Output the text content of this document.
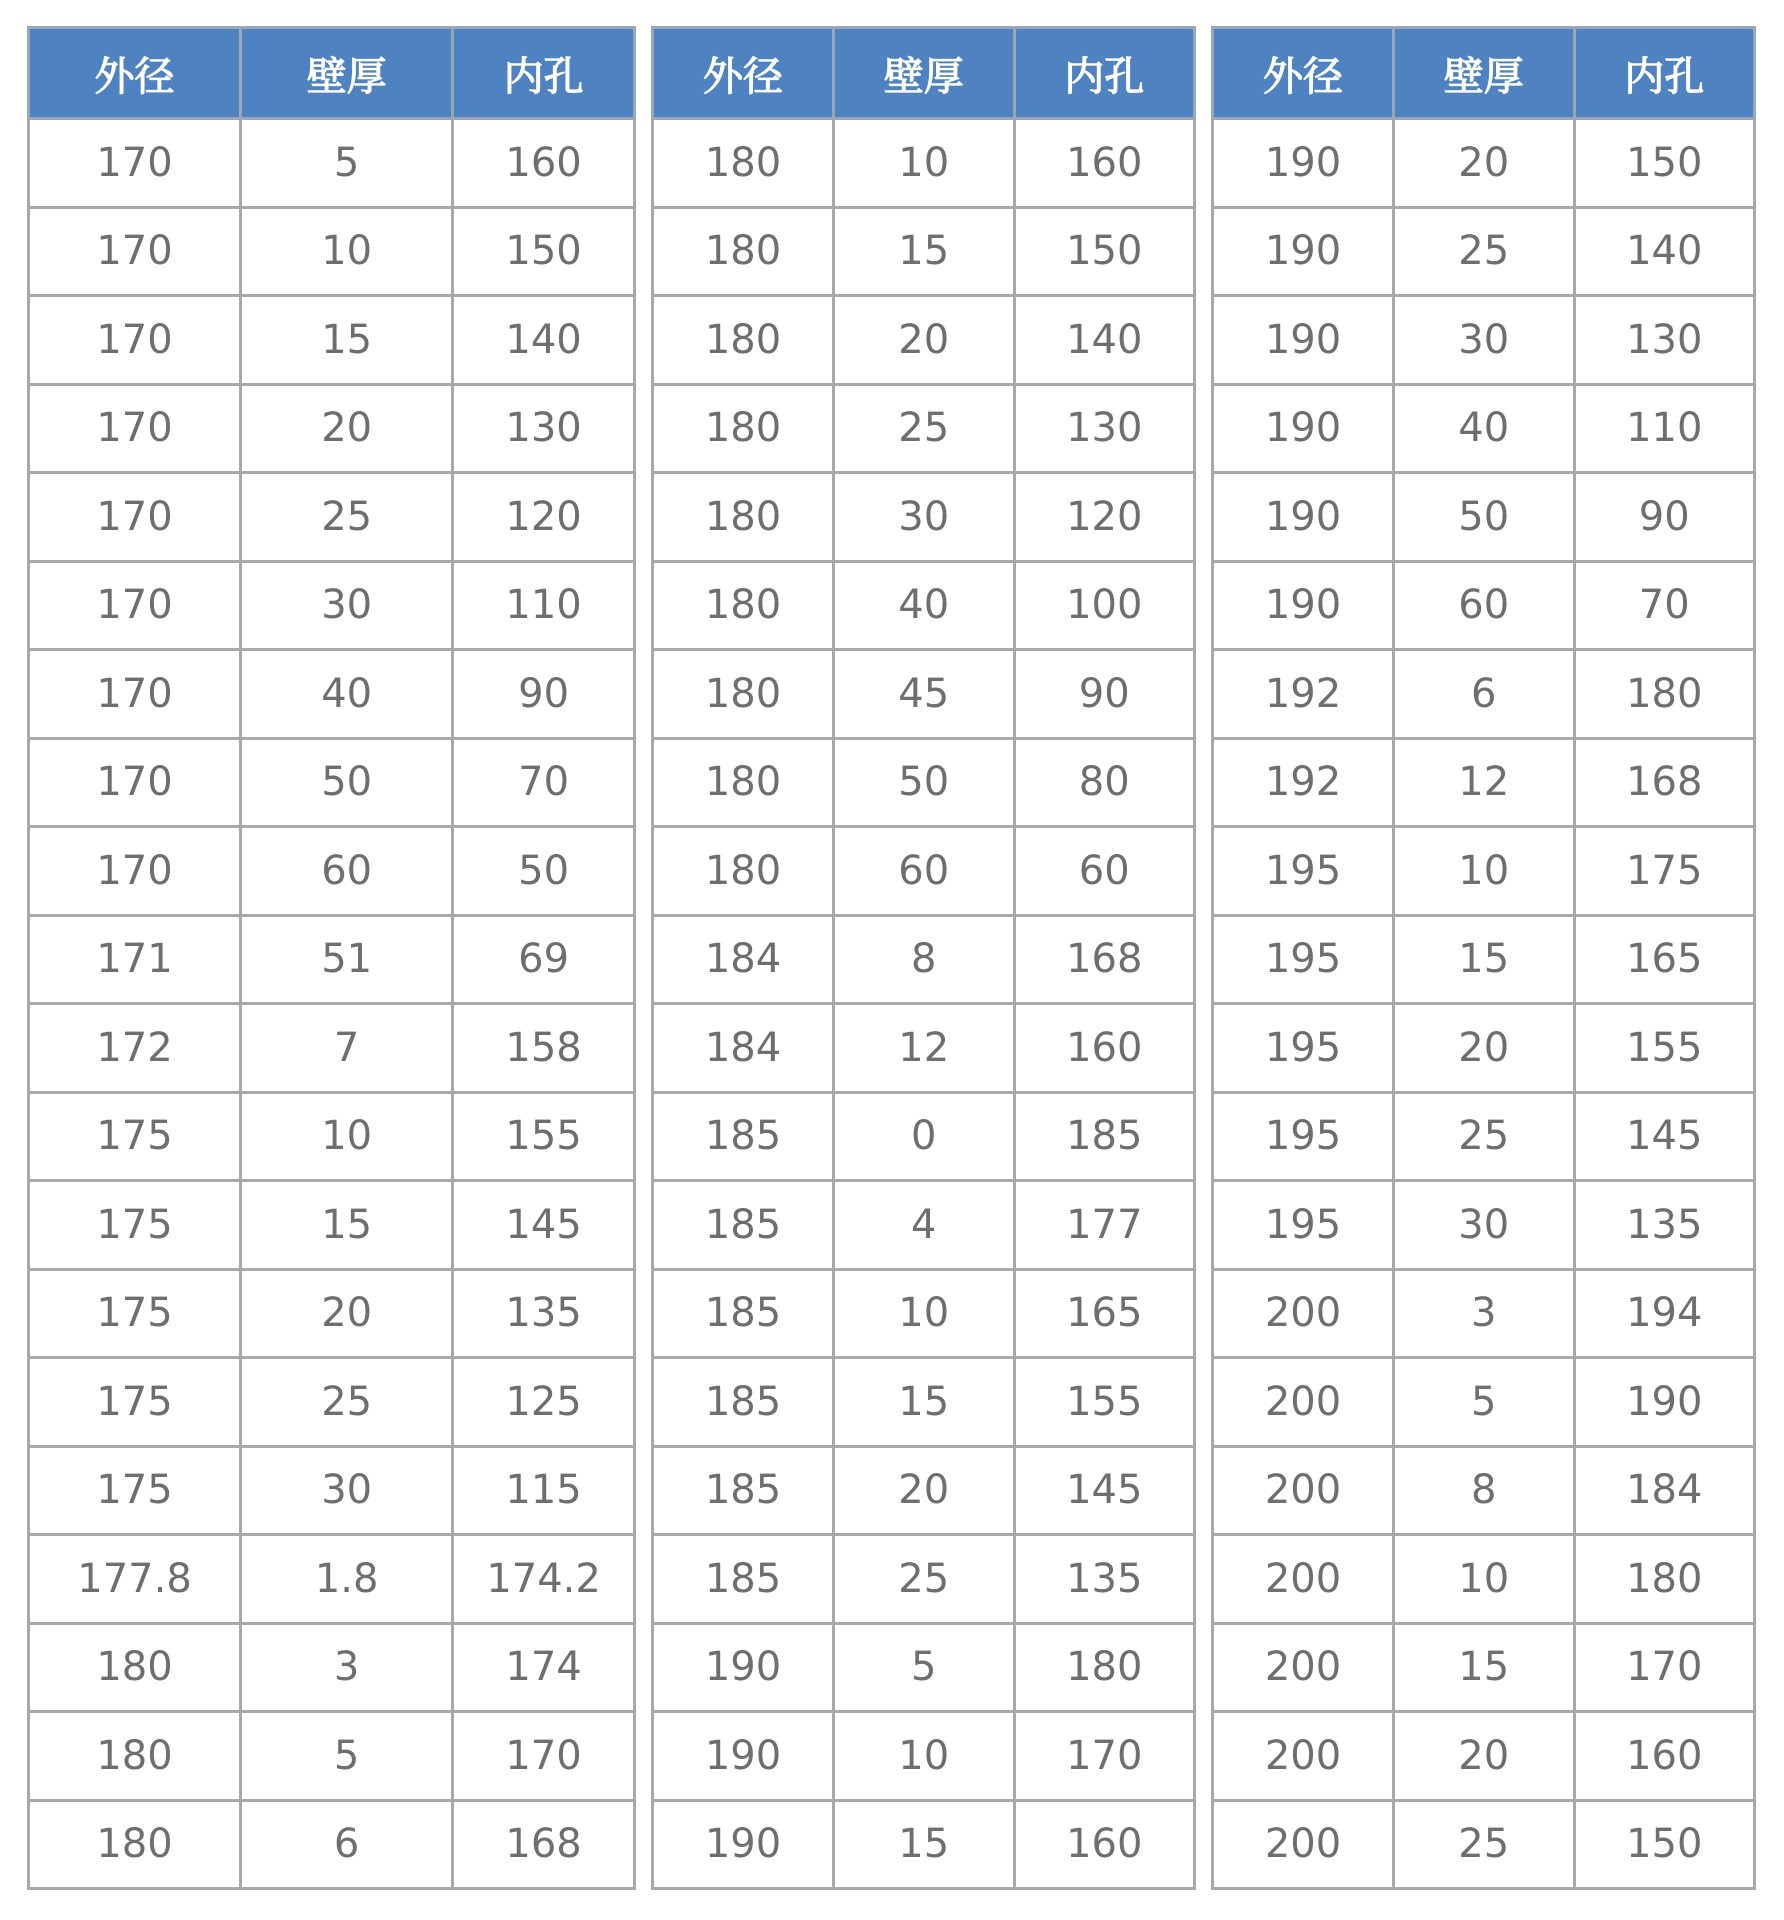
外径	壁厚	内孔
170	5	160
170	10	150
170	15	140
170	20	130
170	25	120
170	30	110
170	40	90
170	50	70
170	60	50
171	51	69
172	7	158
175	10	155
175	15	145
175	20	135
175	25	125
175	30	115
177.8	1.8	174.2
180	3	174
180	5	170
180	6	168
外径	壁厚	内孔
180	10	160
180	15	150
180	20	140
180	25	130
180	30	120
180	40	100
180	45	90
180	50	80
180	60	60
184	8	168
184	12	160
185	0	185
185	4	177
185	10	165
185	15	155
185	20	145
185	25	135
190	5	180
190	10	170
190	15	160
外径	壁厚	内孔
190	20	150
190	25	140
190	30	130
190	40	110
190	50	90
190	60	70
192	6	180
192	12	168
195	10	175
195	15	165
195	20	155
195	25	145
195	30	135
200	3	194
200	5	190
200	8	184
200	10	180
200	15	170
200	20	160
200	25	150
